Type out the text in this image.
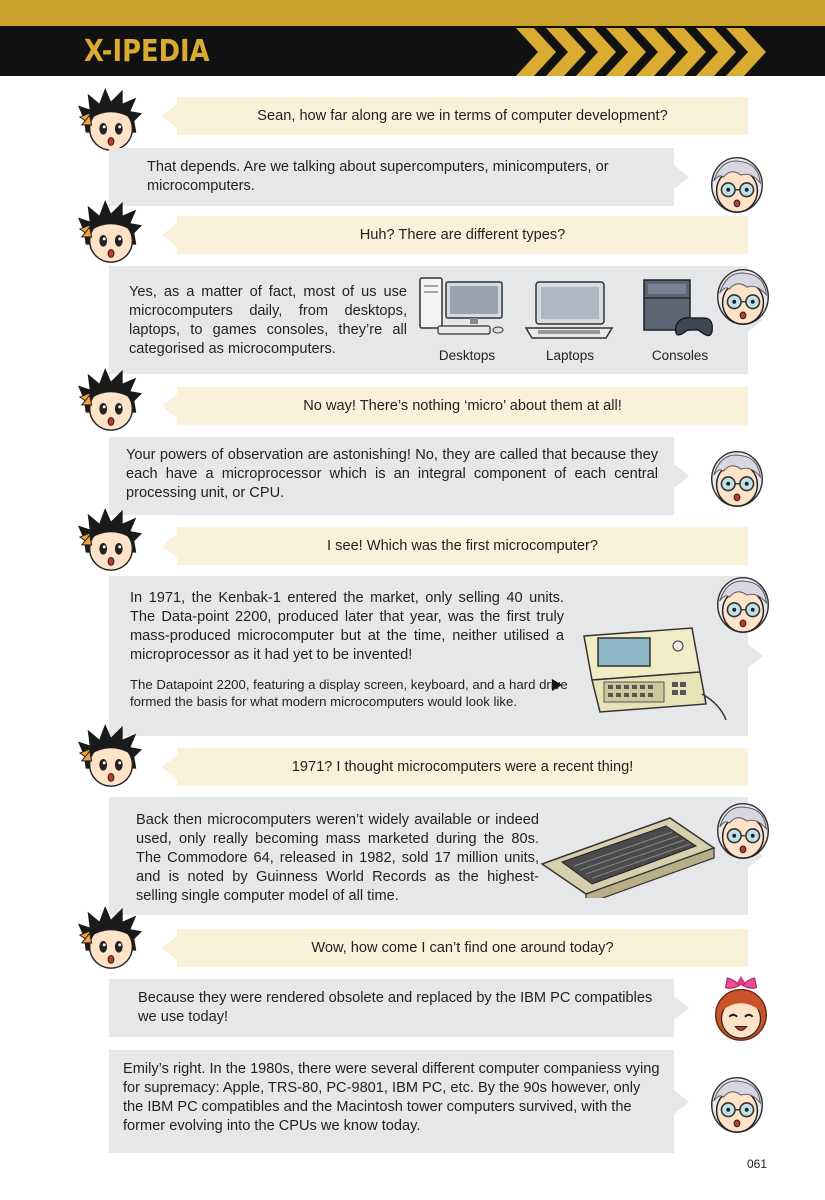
X-IPEDIA
Sean, how far along are we in terms of computer development?
That depends. Are we talking about supercomputers, minicomputers, or microcomputers.
Huh? There are different types?
Yes, as a matter of fact, most of us use microcomputers daily, from desktops, laptops, to games consoles, they’re all categorised as microcomputers.	Desktops	Laptops	Consoles
No way! There’s nothing ‘micro’ about them at all!
Your powers of observation are astonishing! No, they are called that because they each have a microprocessor which is an integral component of each central processing unit, or CPU.
I see! Which was the first microcomputer?
In 1971, the Kenbak-1 entered the market, only selling 40 units. The Data-point 2200, produced later that year, was the first truly mass-produced microcomputer but at the time, neither utilised a microprocessor as it had yet to be invented!
The Datapoint 2200, featuring a display screen, keyboard, and a hard drive formed the basis for what modern microcomputers would look like.
1971? I thought microcomputers were a recent thing!
Back then microcomputers weren’t widely available or indeed used, only really becoming mass marketed during the 80s. The Commodore 64, released in 1982, sold 17 million units, and is noted by Guinness World Records as the highest-selling single computer model of all time.
Wow, how come I can’t find one around today?
Because they were rendered obsolete and replaced by the IBM PC compatibles we use today!
Emily’s right. In the 1980s, there were several different computer companiess vying for supremacy: Apple, TRS-80, PC-9801, IBM PC, etc. By the 90s however, only the IBM PC compatibles and the Macintosh tower computers survived, with the former evolving into the CPUs we know today.
061
